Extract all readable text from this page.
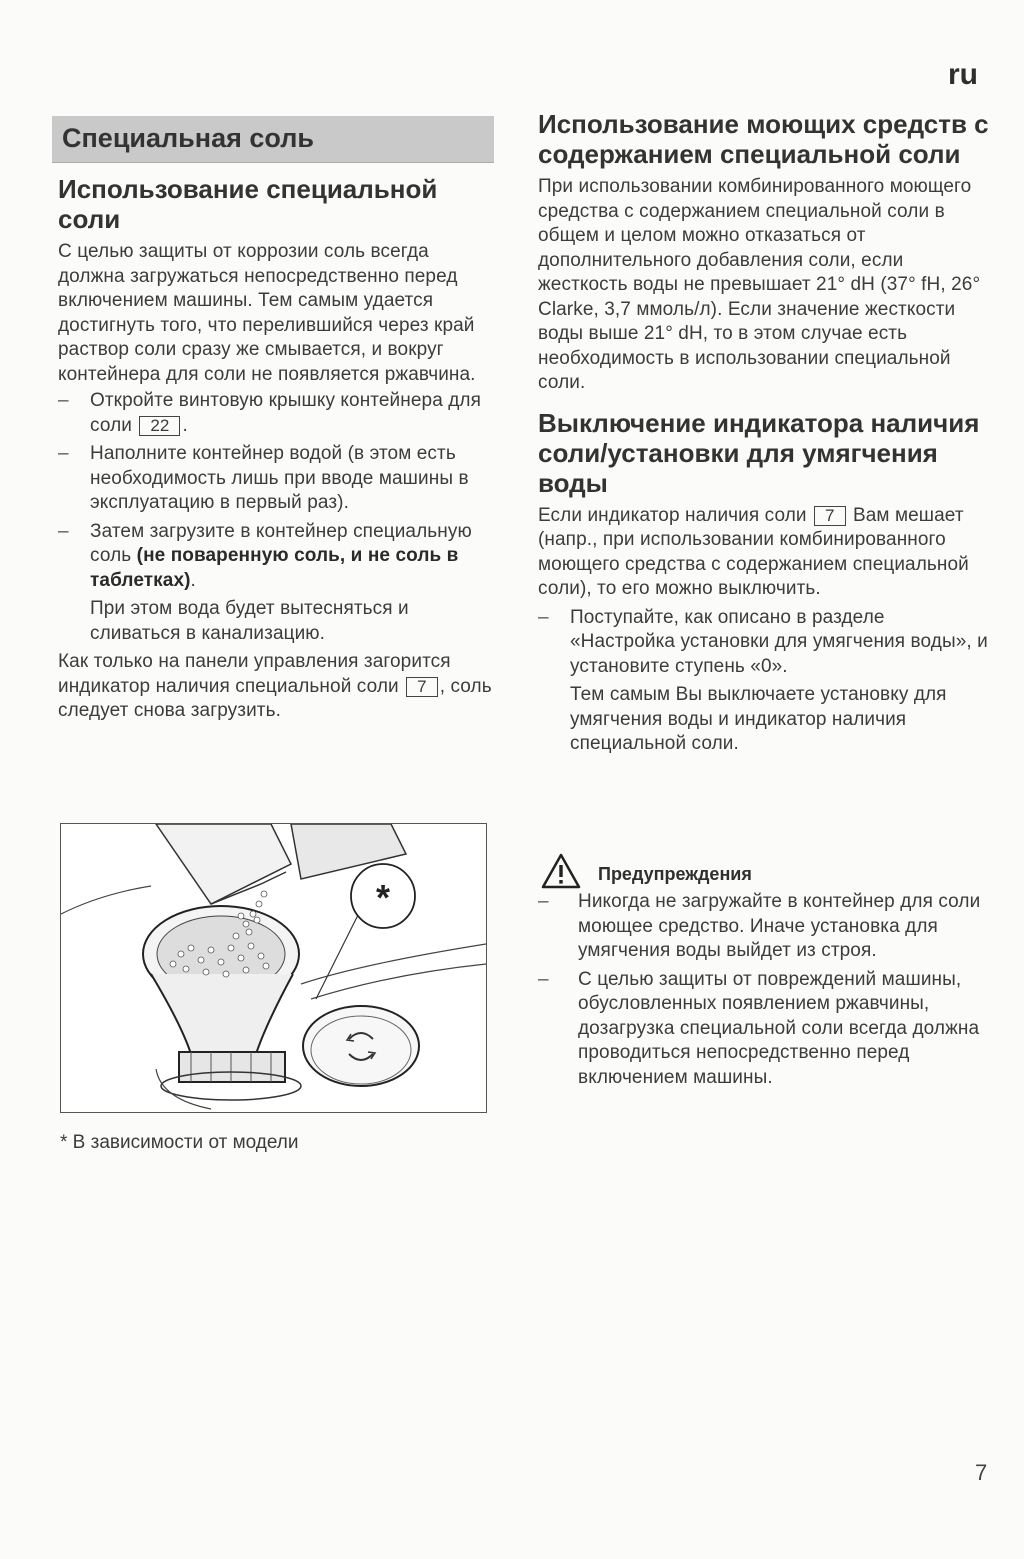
ru
Специальная соль
Использование специальной соли
С целью защиты от коррозии соль всегда должна загружаться непосредственно перед включением машины. Тем самым удается достигнуть того, что перелившийся через край раствор соли сразу же смывается, и вокруг контейнера для соли не появляется ржавчина.
– Откройте винтовую крышку контейнера для соли 22 .
– Наполните контейнер водой (в этом есть необходимость лишь при вводе машины в эксплуатацию в первый раз).
– Затем загрузите в контейнер специальную соль (не поваренную соль, и не соль в таблетках).
При этом вода будет вытесняться и сливаться в канализацию.
Как только на панели управления загорится индикатор наличия специальной соли 7 , соль следует снова загрузить.
*
* В зависимости от модели
Использование моющих средств с содержанием специальной соли
При использовании комбинированного моющего средства с содержанием специальной соли в общем и целом можно отказаться от дополнительного добавления соли, если жесткость воды не превышает 21° dH (37° fH, 26° Clarke, 3,7 ммоль/л). Если значение жесткости воды выше 21° dH, то в этом случае есть необходимость в использовании специальной соли.
Выключение индикатора наличия соли/установки для умягчения воды
Если индикатор наличия соли 7 Вам мешает (напр., при использовании комбинированного моющего средства с содержанием специальной соли), то его можно выключить.
– Поступайте, как описано в разделе «Настройка установки для умягчения воды», и установите ступень «0».
Тем самым Вы выключаете установку для умягчения воды и индикатор наличия специальной соли.
Предупреждения
– Никогда не загружайте в контейнер для соли моющее средство. Иначе установка для умягчения воды выйдет из строя.
– С целью защиты от повреждений машины, обусловленных появлением ржавчины, дозагрузка специальной соли всегда должна проводиться непосредственно перед включением машины.
7
